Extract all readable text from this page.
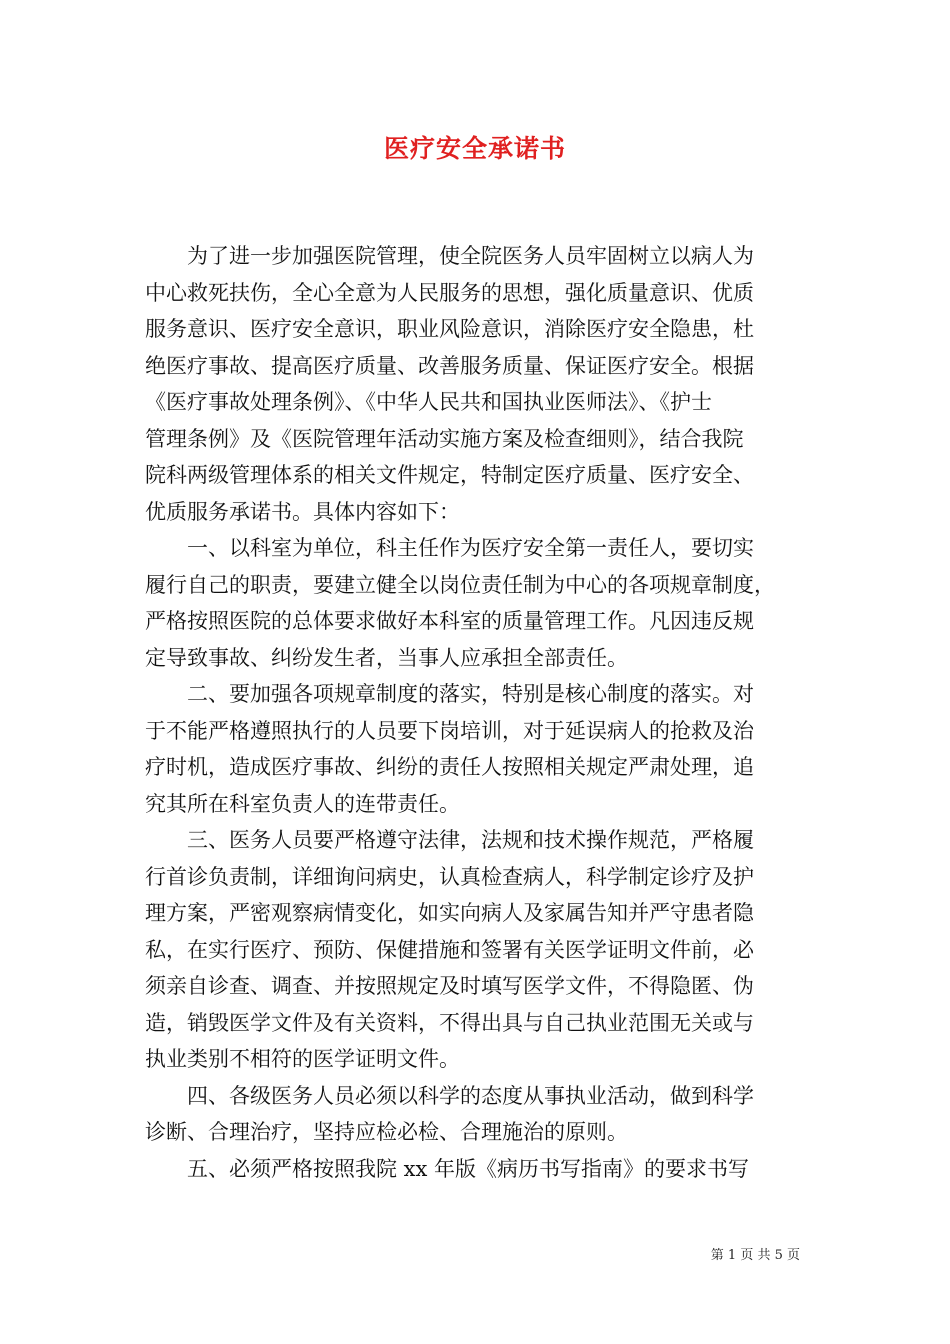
医疗安全承诺书
　　为了进一步加强医院管理，使全院医务人员牢固树立以病人为
中心救死扶伤，全心全意为人民服务的思想，强化质量意识、优质
服务意识、医疗安全意识，职业风险意识，消除医疗安全隐患，杜
绝医疗事故、提高医疗质量、改善服务质量、保证医疗安全。根据
《医疗事故处理条例》、《中华人民共和国执业医师法》、《护士
管理条例》及《医院管理年活动实施方案及检查细则》，结合我院
院科两级管理体系的相关文件规定，特制定医疗质量、医疗安全、
优质服务承诺书。具体内容如下：
　　一、以科室为单位，科主任作为医疗安全第一责任人，要切实
履行自己的职责，要建立健全以岗位责任制为中心的各项规章制度，
严格按照医院的总体要求做好本科室的质量管理工作。凡因违反规
定导致事故、纠纷发生者，当事人应承担全部责任。
　　二、要加强各项规章制度的落实，特别是核心制度的落实。对
于不能严格遵照执行的人员要下岗培训，对于延误病人的抢救及治
疗时机，造成医疗事故、纠纷的责任人按照相关规定严肃处理，追
究其所在科室负责人的连带责任。
　　三、医务人员要严格遵守法律，法规和技术操作规范，严格履
行首诊负责制，详细询问病史，认真检查病人，科学制定诊疗及护
理方案，严密观察病情变化，如实向病人及家属告知并严守患者隐
私，在实行医疗、预防、保健措施和签署有关医学证明文件前，必
须亲自诊查、调查、并按照规定及时填写医学文件，不得隐匿、伪
造，销毁医学文件及有关资料，不得出具与自己执业范围无关或与
执业类别不相符的医学证明文件。
　　四、各级医务人员必须以科学的态度从事执业活动，做到科学
诊断、合理治疗，坚持应检必检、合理施治的原则。
　　五、必须严格按照我院 xx 年版《病历书写指南》的要求书写
第 1 页 共 5 页
